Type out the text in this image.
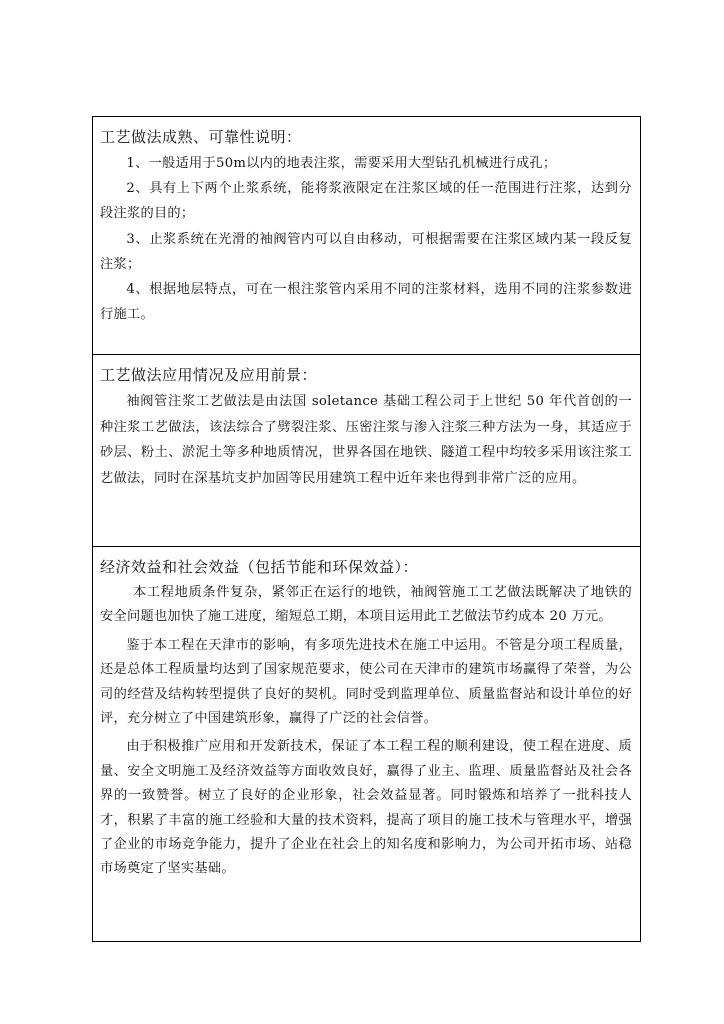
工艺做法成熟、可靠性说明：

1、一般适用于50m以内的地表注浆，需要采用大型钻孔机械进行成孔；

2、具有上下两个止浆系统，能将浆液限定在注浆区域的任一范围进行注浆，达到分段注浆的目的；

3、止浆系统在光滑的袖阀管内可以自由移动，可根据需要在注浆区域内某一段反复注浆；

4、根据地层特点，可在一根注浆管内采用不同的注浆材料，选用不同的注浆参数进行施工。

工艺做法应用情况及应用前景：

袖阀管注浆工艺做法是由法国 soletance 基础工程公司于上世纪 50 年代首创的一种注浆工艺做法，该法综合了劈裂注浆、压密注浆与渗入注浆三种方法为一身，其适应于砂层、粉土、淤泥土等多种地质情况，世界各国在地铁、隧道工程中均较多采用该注浆工艺做法，同时在深基坑支护加固等民用建筑工程中近年来也得到非常广泛的应用。

经济效益和社会效益（包括节能和环保效益）：

本工程地质条件复杂，紧邻正在运行的地铁，袖阀管施工工艺做法既解决了地铁的安全问题也加快了施工进度，缩短总工期，本项目运用此工艺做法节约成本 20 万元。

鉴于本工程在天津市的影响，有多项先进技术在施工中运用。不管是分项工程质量，还是总体工程质量均达到了国家规范要求，使公司在天津市的建筑市场赢得了荣誉，为公司的经营及结构转型提供了良好的契机。同时受到监理单位、质量监督站和设计单位的好评，充分树立了中国建筑形象，赢得了广泛的社会信誉。

由于积极推广应用和开发新技术，保证了本工程工程的顺利建设，使工程在进度、质量、安全文明施工及经济效益等方面收效良好，赢得了业主、监理、质量监督站及社会各界的一致赞誉。树立了良好的企业形象，社会效益显著。同时锻炼和培养了一批科技人才，积累了丰富的施工经验和大量的技术资料，提高了项目的施工技术与管理水平，增强了企业的市场竞争能力，提升了企业在社会上的知名度和影响力，为公司开拓市场、站稳市场奠定了坚实基础。
